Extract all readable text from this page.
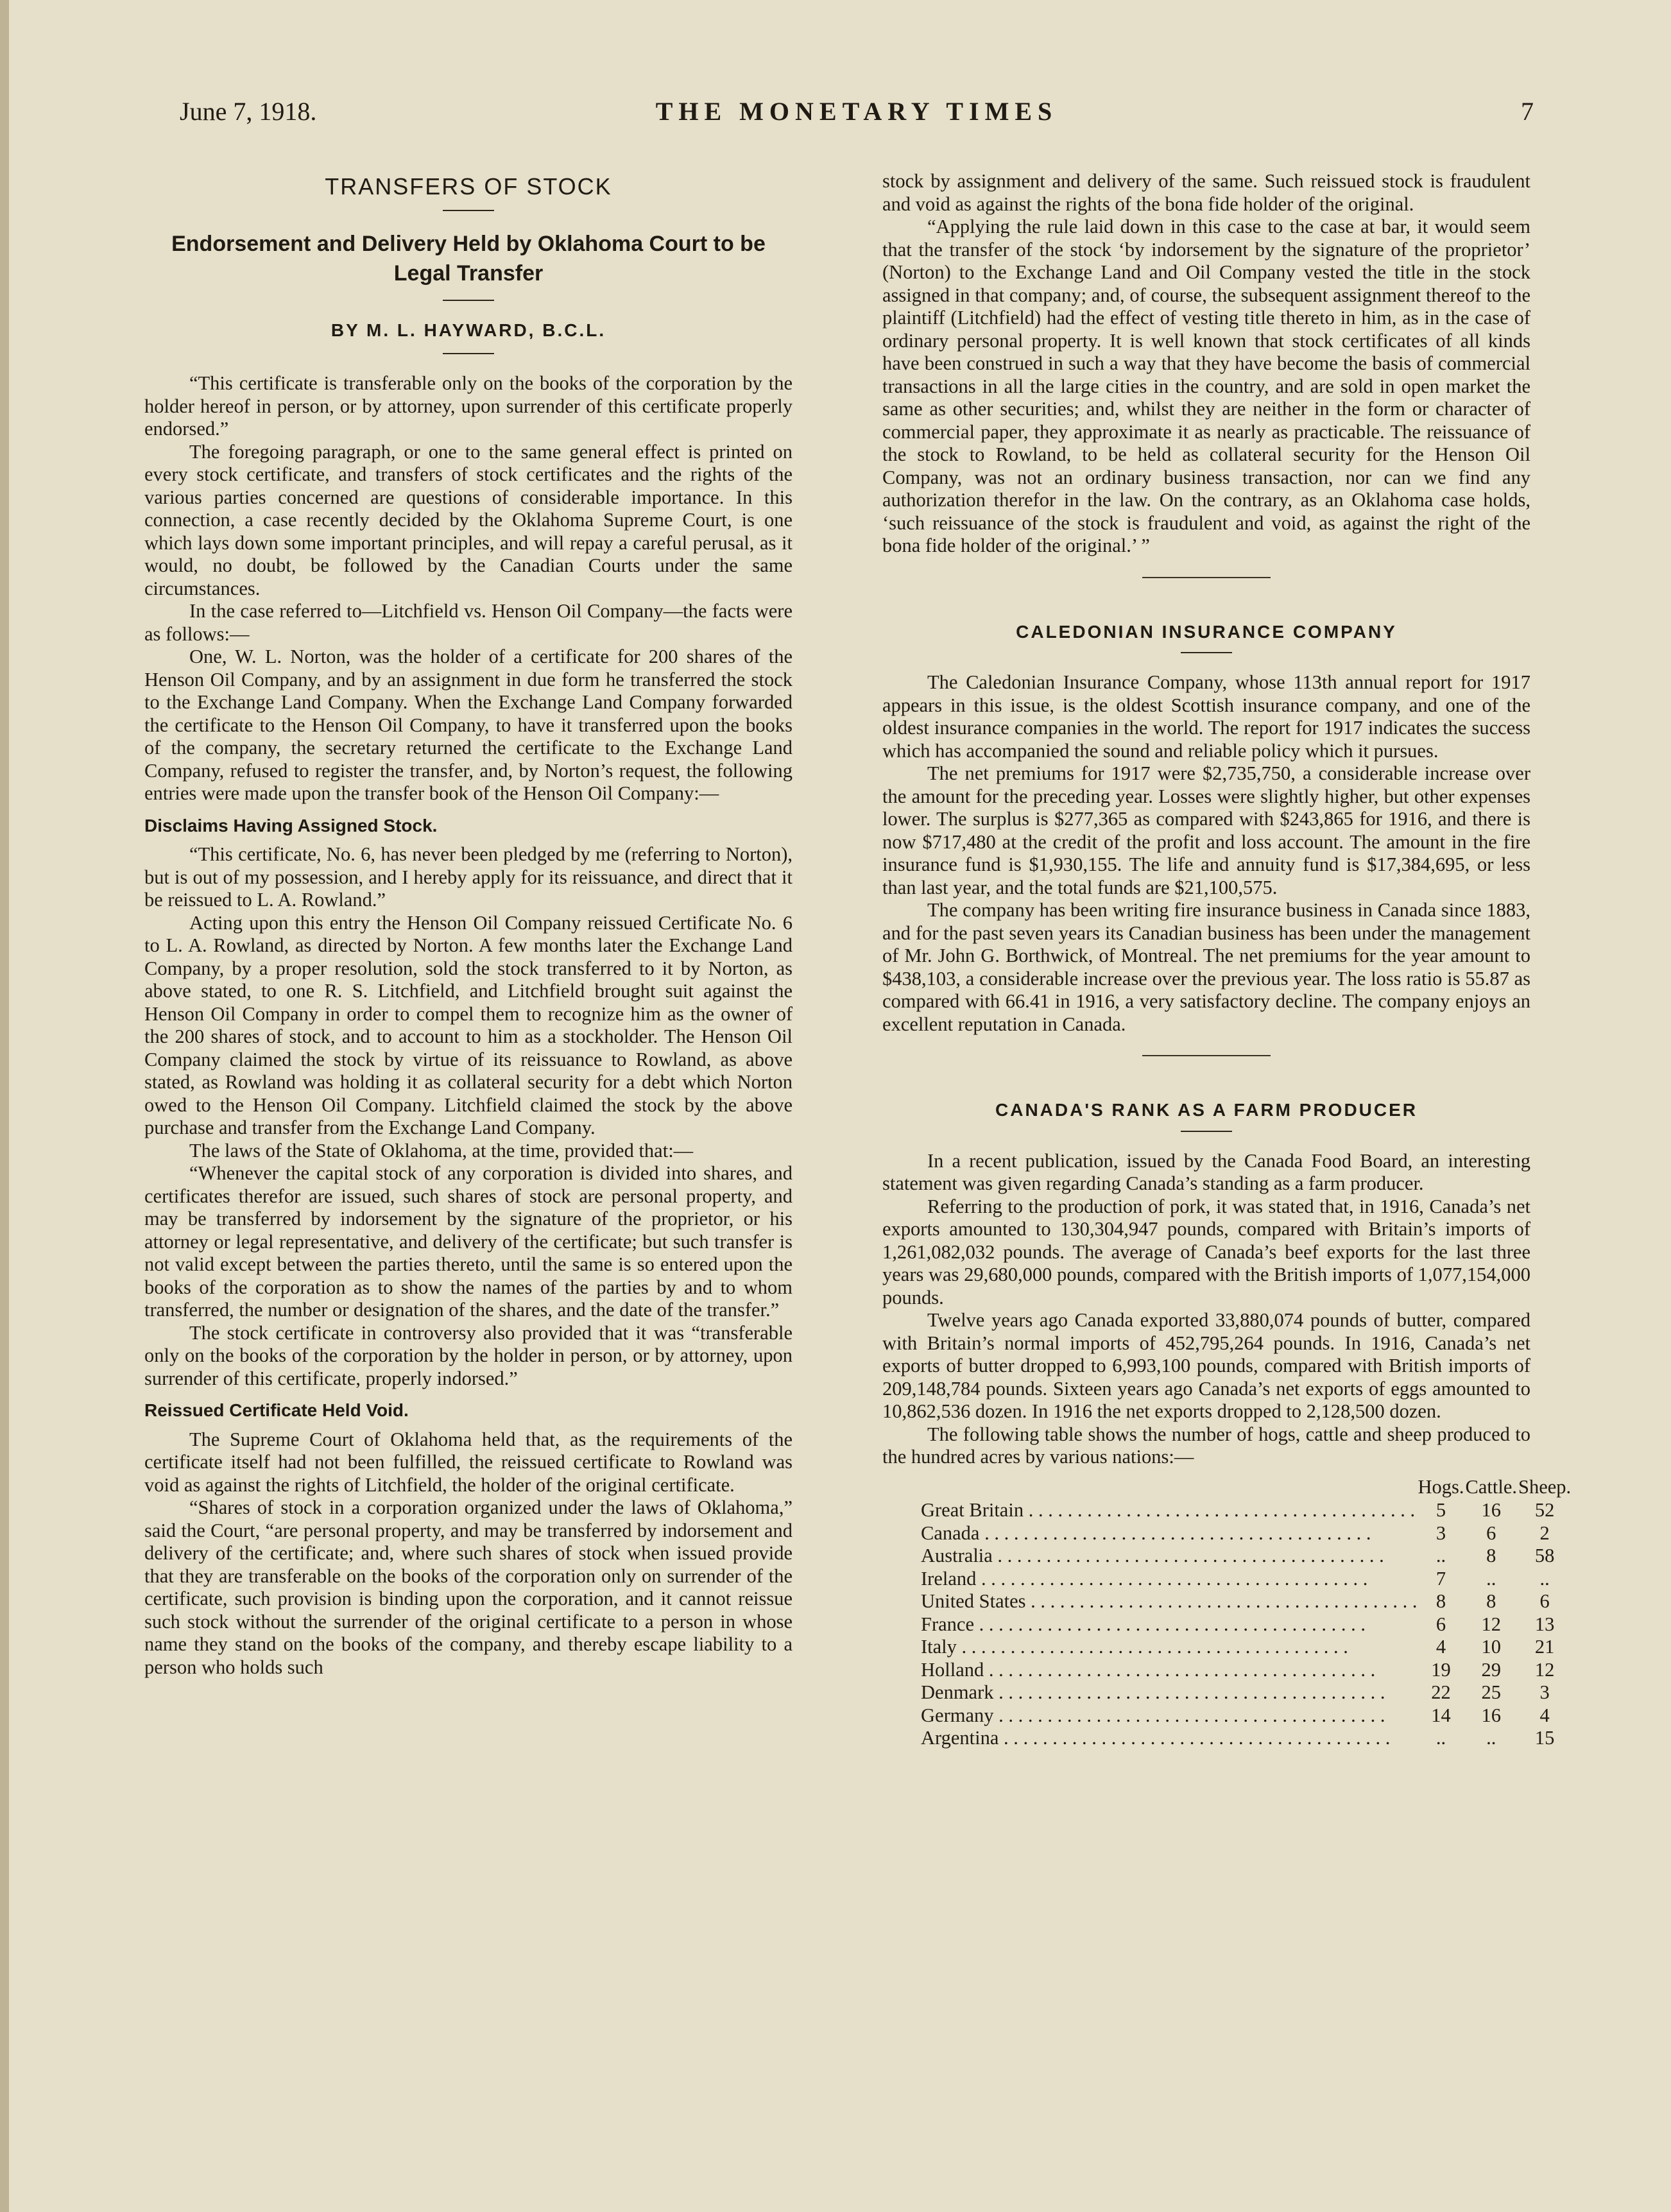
THE MONETARY TIMES
June 7, 1918.	7
TRANSFERS OF STOCK
Endorsement and Delivery Held by Oklahoma Court to be Legal Transfer
BY M. L. HAYWARD, B.C.L.

“This certificate is transferable only on the books of the corporation by the holder hereof in person, or by attorney, upon surrender of this certificate properly endorsed.”

The foregoing paragraph, or one to the same general effect is printed on every stock certificate, and transfers of stock certificates and the rights of the various parties concerned are questions of considerable importance. In this connection, a case recently decided by the Oklahoma Supreme Court, is one which lays down some important principles, and will repay a careful perusal, as it would, no doubt, be followed by the Canadian Courts under the same circumstances.

In the case referred to—Litchfield vs. Henson Oil Company—the facts were as follows:—

One, W. L. Norton, was the holder of a certificate for 200 shares of the Henson Oil Company, and by an assignment in due form he transferred the stock to the Exchange Land Company. When the Exchange Land Company forwarded the certificate to the Henson Oil Company, to have it transferred upon the books of the company, the secretary returned the certificate to the Exchange Land Company, refused to register the transfer, and, by Norton’s request, the following entries were made upon the transfer book of the Henson Oil Company:—

Disclaims Having Assigned Stock.

“This certificate, No. 6, has never been pledged by me (referring to Norton), but is out of my possession, and I hereby apply for its reissuance, and direct that it be reissued to L. A. Rowland.”

Acting upon this entry the Henson Oil Company reissued Certificate No. 6 to L. A. Rowland, as directed by Norton. A few months later the Exchange Land Company, by a proper resolution, sold the stock transferred to it by Norton, as above stated, to one R. S. Litchfield, and Litchfield brought suit against the Henson Oil Company in order to compel them to recognize him as the owner of the 200 shares of stock, and to account to him as a stockholder. The Henson Oil Company claimed the stock by virtue of its reissuance to Rowland, as above stated, as Rowland was holding it as collateral security for a debt which Norton owed to the Henson Oil Company. Litchfield claimed the stock by the above purchase and transfer from the Exchange Land Company.

The laws of the State of Oklahoma, at the time, provided that:—

“Whenever the capital stock of any corporation is divided into shares, and certificates therefor are issued, such shares of stock are personal property, and may be transferred by indorsement by the signature of the proprietor, or his attorney or legal representative, and delivery of the certificate; but such transfer is not valid except between the parties thereto, until the same is so entered upon the books of the corporation as to show the names of the parties by and to whom transferred, the number or designation of the shares, and the date of the transfer.”

The stock certificate in controversy also provided that it was “transferable only on the books of the corporation by the holder in person, or by attorney, upon surrender of this certificate, properly indorsed.”

Reissued Certificate Held Void.

The Supreme Court of Oklahoma held that, as the requirements of the certificate itself had not been fulfilled, the reissued certificate to Rowland was void as against the rights of Litchfield, the holder of the original certificate.

“Shares of stock in a corporation organized under the laws of Oklahoma,” said the Court, “are personal property, and may be transferred by indorsement and delivery of the certificate; and, where such shares of stock when issued provide that they are transferable on the books of the corporation only on surrender of the certificate, such provision is binding upon the corporation, and it cannot reissue such stock without the surrender of the original certificate to a person in whose name they stand on the books of the company, and thereby escape liability to a person who holds such

stock by assignment and delivery of the same. Such reissued stock is fraudulent and void as against the rights of the bona fide holder of the original.

“Applying the rule laid down in this case to the case at bar, it would seem that the transfer of the stock ‘by indorsement by the signature of the proprietor’ (Norton) to the Exchange Land and Oil Company vested the title in the stock assigned in that company; and, of course, the subsequent assignment thereof to the plaintiff (Litchfield) had the effect of vesting title thereto in him, as in the case of ordinary personal property. It is well known that stock certificates of all kinds have been construed in such a way that they have become the basis of commercial transactions in all the large cities in the country, and are sold in open market the same as other securities; and, whilst they are neither in the form or character of commercial paper, they approximate it as nearly as practicable. The reissuance of the stock to Rowland, to be held as collateral security for the Henson Oil Company, was not an ordinary business transaction, nor can we find any authorization therefor in the law. On the contrary, as an Oklahoma case holds, ‘such reissuance of the stock is fraudulent and void, as against the right of the bona fide holder of the original.’ ”

CALEDONIAN INSURANCE COMPANY

The Caledonian Insurance Company, whose 113th annual report for 1917 appears in this issue, is the oldest Scottish insurance company, and one of the oldest insurance companies in the world. The report for 1917 indicates the success which has accompanied the sound and reliable policy which it pursues.

The net premiums for 1917 were $2,735,750, a considerable increase over the amount for the preceding year. Losses were slightly higher, but other expenses lower. The surplus is $277,365 as compared with $243,865 for 1916, and there is now $717,480 at the credit of the profit and loss account. The amount in the fire insurance fund is $1,930,155. The life and annuity fund is $17,384,695, or less than last year, and the total funds are $21,100,575.

The company has been writing fire insurance business in Canada since 1883, and for the past seven years its Canadian business has been under the management of Mr. John G. Borthwick, of Montreal. The net premiums for the year amount to $438,103, a considerable increase over the previous year. The loss ratio is 55.87 as compared with 66.41 in 1916, a very satisfactory decline. The company enjoys an excellent reputation in Canada.

CANADA'S RANK AS A FARM PRODUCER

In a recent publication, issued by the Canada Food Board, an interesting statement was given regarding Canada’s standing as a farm producer.

Referring to the production of pork, it was stated that, in 1916, Canada’s net exports amounted to 130,304,947 pounds, compared with Britain’s imports of 1,261,082,032 pounds. The average of Canada’s beef exports for the last three years was 29,680,000 pounds, compared with the British imports of 1,077,154,000 pounds.

Twelve years ago Canada exported 33,880,074 pounds of butter, compared with Britain’s normal imports of 452,795,264 pounds. In 1916, Canada’s net exports of butter dropped to 6,993,100 pounds, compared with British imports of 209,148,784 pounds. Sixteen years ago Canada’s net exports of eggs amounted to 10,862,536 dozen. In 1916 the net exports dropped to 2,128,500 dozen.

The following table shows the number of hogs, cattle and sheep produced to the hundred acres by various nations:—

	Hogs.	Cattle.	Sheep.
Great Britain . . . . . . . . . . . . . . . . . . . . . . . . . . . . . . . . . . . . . . . .	5	16	52
Canada . . . . . . . . . . . . . . . . . . . . . . . . . . . . . . . . . . . . . . . .	3	6	2
Australia . . . . . . . . . . . . . . . . . . . . . . . . . . . . . . . . . . . . . . . .	..	8	58
Ireland . . . . . . . . . . . . . . . . . . . . . . . . . . . . . . . . . . . . . . . .	7	..	..
United States . . . . . . . . . . . . . . . . . . . . . . . . . . . . . . . . . . . . . . . .	8	8	6
France . . . . . . . . . . . . . . . . . . . . . . . . . . . . . . . . . . . . . . . .	6	12	13
Italy . . . . . . . . . . . . . . . . . . . . . . . . . . . . . . . . . . . . . . . .	4	10	21
Holland . . . . . . . . . . . . . . . . . . . . . . . . . . . . . . . . . . . . . . . .	19	29	12
Denmark . . . . . . . . . . . . . . . . . . . . . . . . . . . . . . . . . . . . . . . .	22	25	3
Germany . . . . . . . . . . . . . . . . . . . . . . . . . . . . . . . . . . . . . . . .	14	16	4
Argentina . . . . . . . . . . . . . . . . . . . . . . . . . . . . . . . . . . . . . . . .	..	..	15
